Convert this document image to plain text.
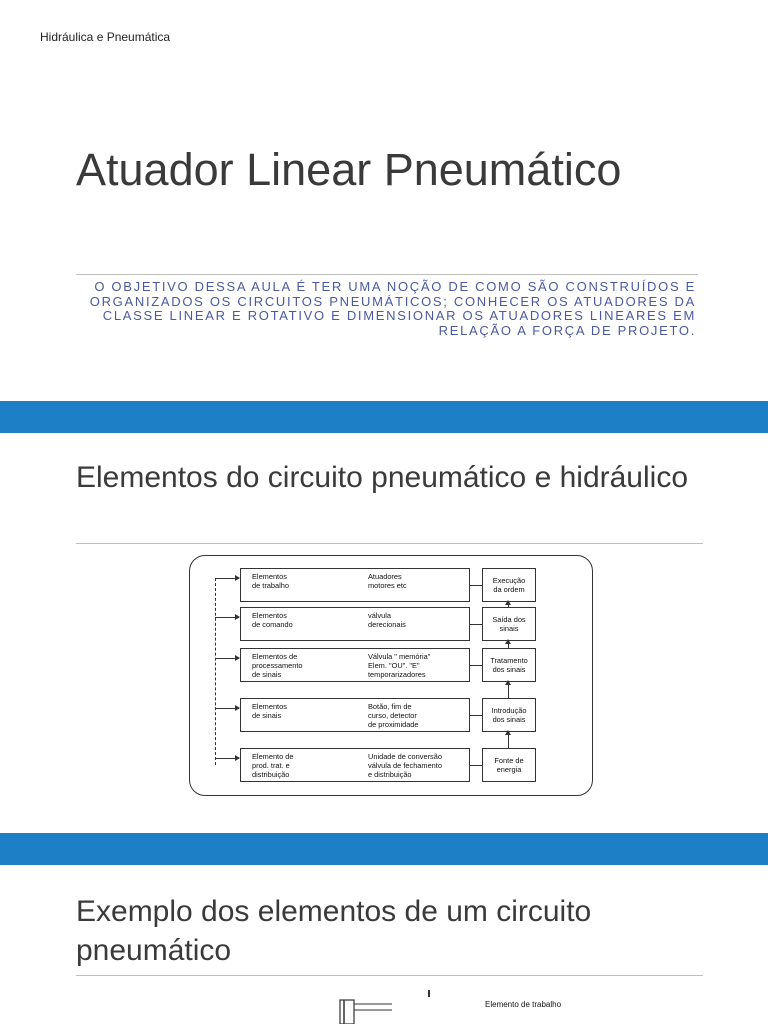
Hidráulica e Pneumática
Atuador Linear Pneumático
O OBJETIVO DESSA AULA É TER UMA NOÇÃO DE COMO SÃO CONSTRUÍDOS E ORGANIZADOS OS CIRCUITOS PNEUMÁTICOS; CONHECER OS ATUADORES DA CLASSE LINEAR E ROTATIVO E DIMENSIONAR OS ATUADORES LINEARES EM RELAÇÃO A FORÇA DE PROJETO.
Elementos do circuito pneumático e hidráulico
Elementos
de trabalho
Atuadores
motores etc
Execução
da ordem
Elementos
de comando
válvula
derecionais
Saída dos
sinais
Elementos de
processamento
de sinais
Válvula " memória"
Elem. "OU". "E"
temporarizadores
Tratamento
dos sinais
Elementos
de sinais
Botão, fim de
curso, detector
de proximidade
Introdução
dos sinais
Elemento de
prod. trat. e
distribuição
Unidade de conversão
válvula de fechamento
e distribuição
Fonte de
energia
Exemplo dos elementos de um circuito pneumático
Elemento de trabalho
